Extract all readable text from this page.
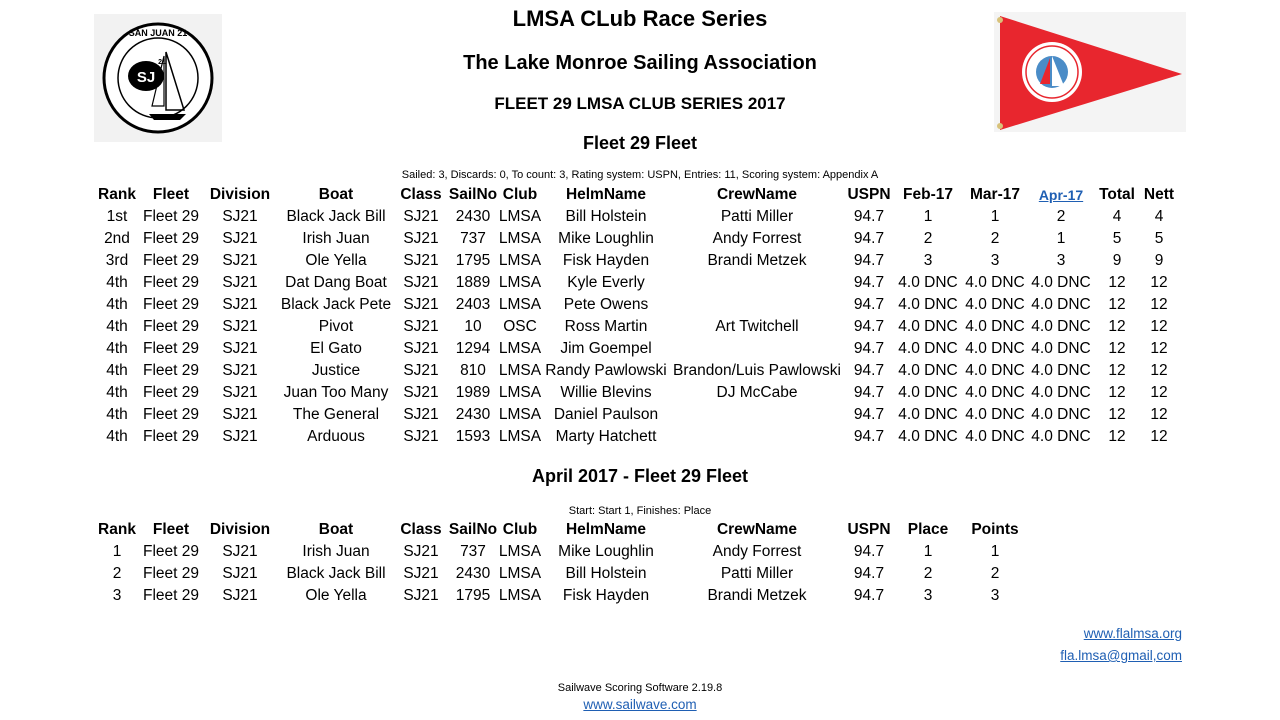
SAN JUAN 21
SJ
21
LMSA CLub Race Series
The Lake Monroe Sailing Association
FLEET 29 LMSA CLUB SERIES 2017
Fleet 29 Fleet
Sailed: 3, Discards: 0, To count: 3, Rating system: USPN, Entries: 11, Scoring system: Appendix A
Rank	Fleet	Division	Boat	Class	SailNo	Club	HelmName	CrewName	USPN	Feb-17	Mar-17	Apr-17	Total	Nett
1st	Fleet 29	SJ21	Black Jack Bill	SJ21	2430	LMSA	Bill Holstein	Patti Miller	94.7	1	1	2	4	4
2nd	Fleet 29	SJ21	Irish Juan	SJ21	737	LMSA	Mike Loughlin	Andy Forrest	94.7	2	2	1	5	5
3rd	Fleet 29	SJ21	Ole Yella	SJ21	1795	LMSA	Fisk Hayden	Brandi Metzek	94.7	3	3	3	9	9
4th	Fleet 29	SJ21	Dat Dang Boat	SJ21	1889	LMSA	Kyle Everly		94.7	4.0 DNC	4.0 DNC	4.0 DNC	12	12
4th	Fleet 29	SJ21	Black Jack Pete	SJ21	2403	LMSA	Pete Owens		94.7	4.0 DNC	4.0 DNC	4.0 DNC	12	12
4th	Fleet 29	SJ21	Pivot	SJ21	10	OSC	Ross Martin	Art Twitchell	94.7	4.0 DNC	4.0 DNC	4.0 DNC	12	12
4th	Fleet 29	SJ21	El Gato	SJ21	1294	LMSA	Jim Goempel		94.7	4.0 DNC	4.0 DNC	4.0 DNC	12	12
4th	Fleet 29	SJ21	Justice	SJ21	810	LMSA	Randy Pawlowski	Brandon/Luis Pawlowski	94.7	4.0 DNC	4.0 DNC	4.0 DNC	12	12
4th	Fleet 29	SJ21	Juan Too Many	SJ21	1989	LMSA	Willie Blevins	DJ McCabe	94.7	4.0 DNC	4.0 DNC	4.0 DNC	12	12
4th	Fleet 29	SJ21	The General	SJ21	2430	LMSA	Daniel Paulson		94.7	4.0 DNC	4.0 DNC	4.0 DNC	12	12
4th	Fleet 29	SJ21	Arduous	SJ21	1593	LMSA	Marty Hatchett		94.7	4.0 DNC	4.0 DNC	4.0 DNC	12	12
April 2017 - Fleet 29 Fleet
Start: Start 1, Finishes: Place
Rank	Fleet	Division	Boat	Class	SailNo	Club	HelmName	CrewName	USPN	Place	Points
1	Fleet 29	SJ21	Irish Juan	SJ21	737	LMSA	Mike Loughlin	Andy Forrest	94.7	1	1
2	Fleet 29	SJ21	Black Jack Bill	SJ21	2430	LMSA	Bill Holstein	Patti Miller	94.7	2	2
3	Fleet 29	SJ21	Ole Yella	SJ21	1795	LMSA	Fisk Hayden	Brandi Metzek	94.7	3	3
www.flalmsa.org
fla.lmsa@gmail,com
Sailwave Scoring Software 2.19.8
www.sailwave.com
